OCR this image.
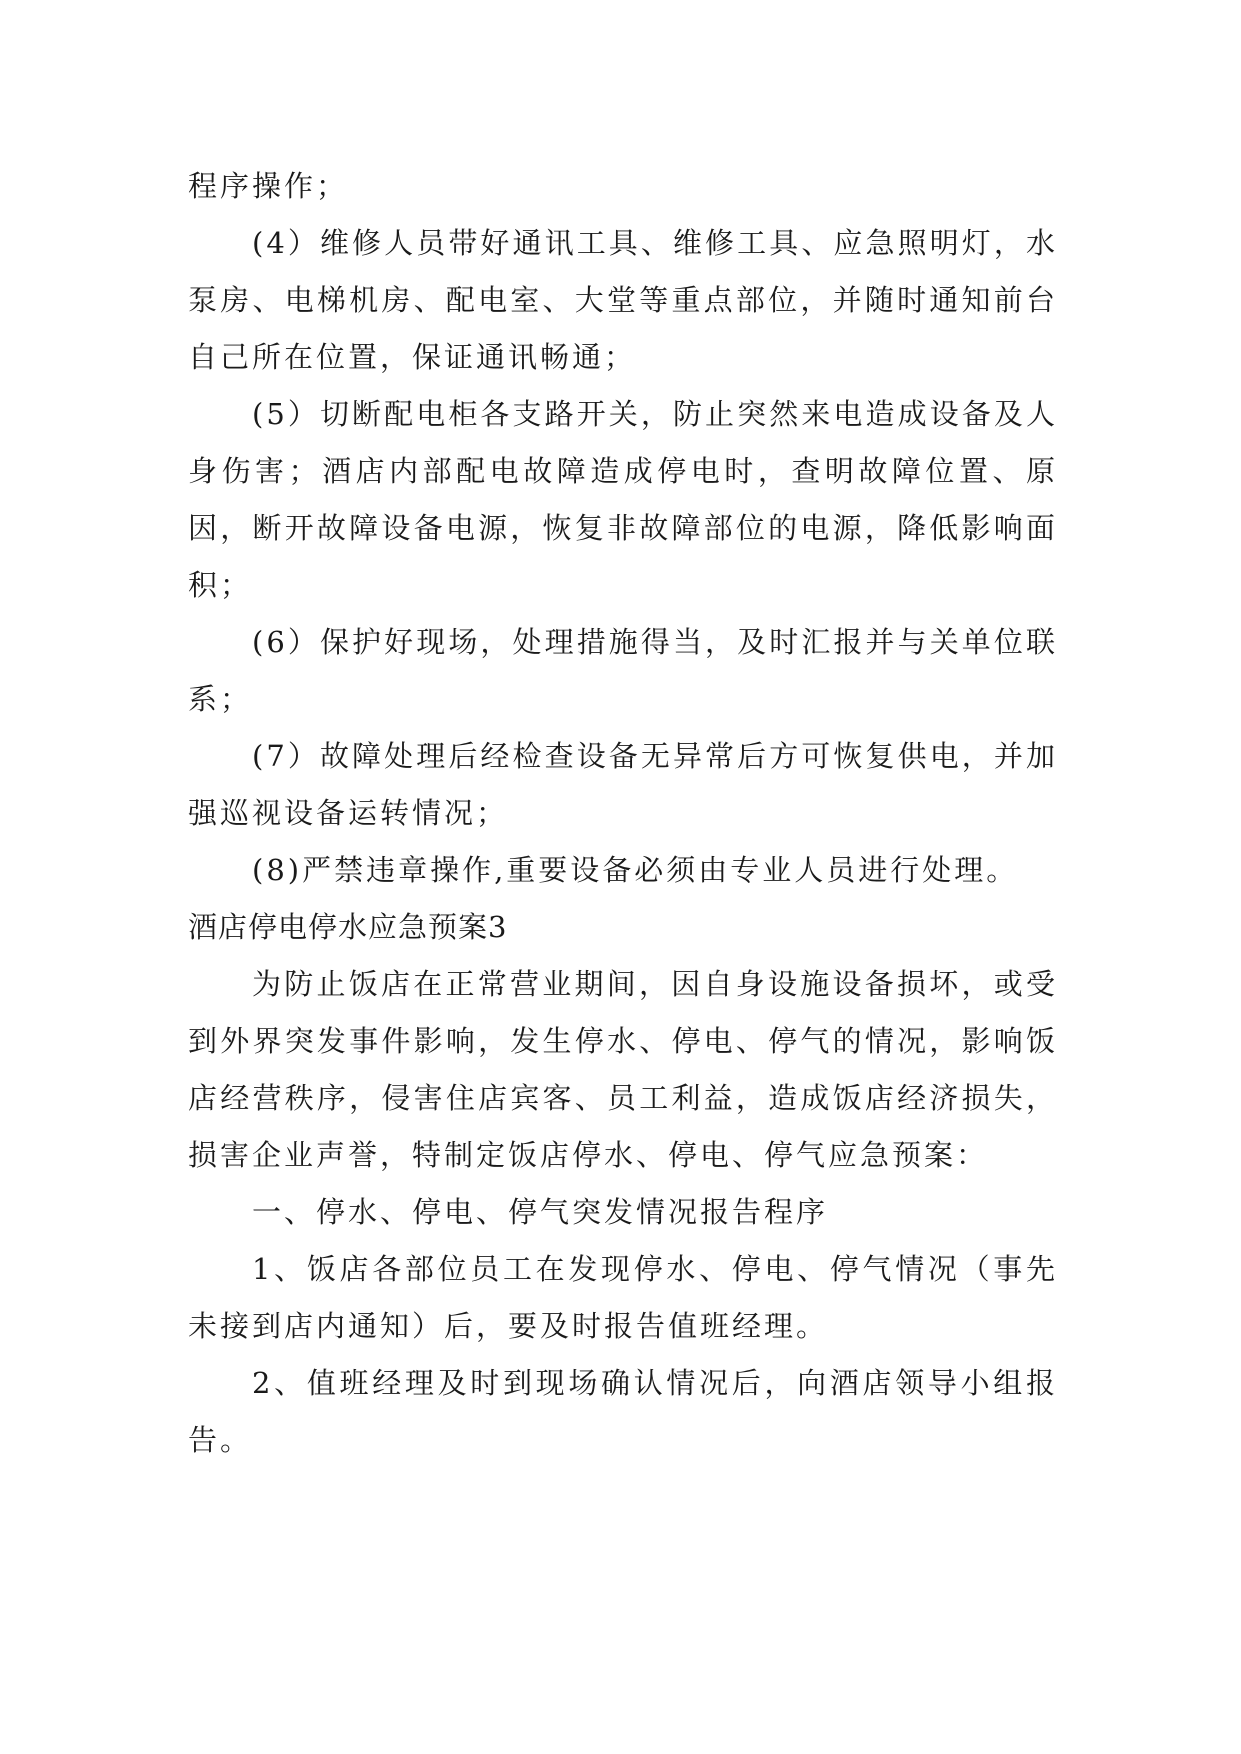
程序操作；

(4）维修人员带好通讯工具、维修工具、应急照明灯，水泵房、电梯机房、配电室、大堂等重点部位，并随时通知前台自己所在位置，保证通讯畅通；

(5）切断配电柜各支路开关，防止突然来电造成设备及人身伤害；酒店内部配电故障造成停电时，查明故障位置、原因，断开故障设备电源，恢复非故障部位的电源，降低影响面积；

(6）保护好现场，处理措施得当，及时汇报并与关单位联系；

(7）故障处理后经检查设备无异常后方可恢复供电，并加强巡视设备运转情况；

(8)严禁违章操作,重要设备必须由专业人员进行处理。

酒店停电停水应急预案3

为防止饭店在正常营业期间，因自身设施设备损坏，或受到外界突发事件影响，发生停水、停电、停气的情况，影响饭店经营秩序，侵害住店宾客、员工利益，造成饭店经济损失，损害企业声誉，特制定饭店停水、停电、停气应急预案：

一、停水、停电、停气突发情况报告程序

1、饭店各部位员工在发现停水、停电、停气情况（事先未接到店内通知）后，要及时报告值班经理。

2、值班经理及时到现场确认情况后，向酒店领导小组报告。
